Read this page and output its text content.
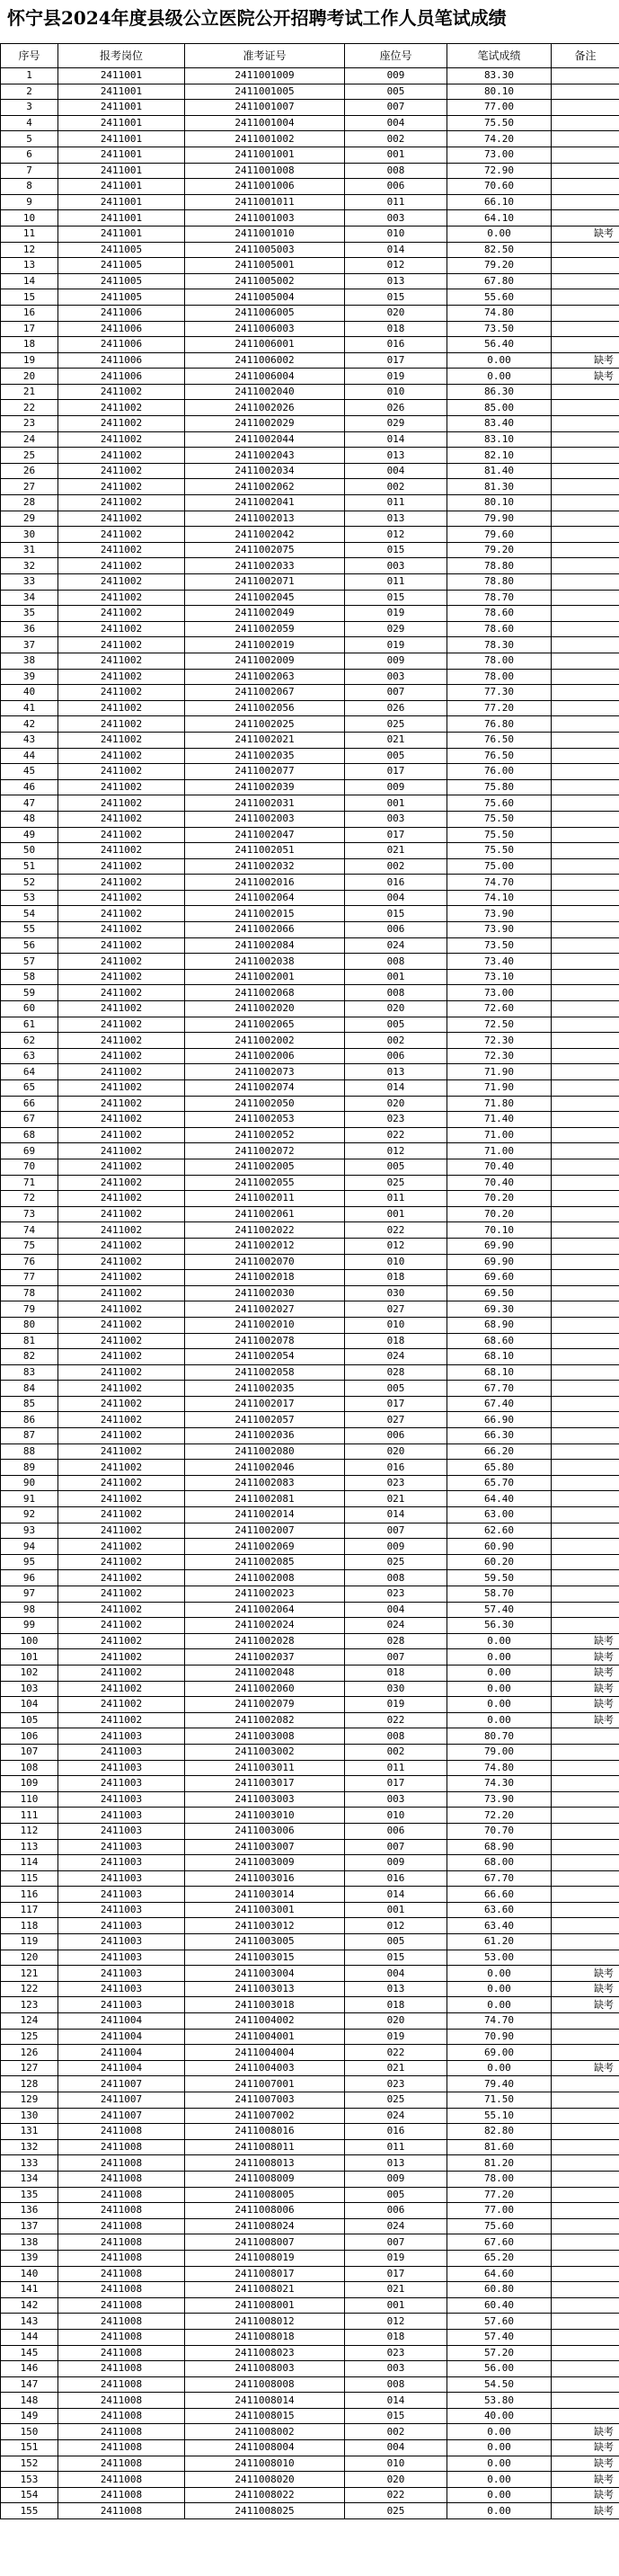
怀宁县2024年度县级公立医院公开招聘考试工作人员笔试成绩
序号	报考岗位	准考证号	座位号	笔试成绩	备注
1	2411001	2411001009	009	83.30	
2	2411001	2411001005	005	80.10	
3	2411001	2411001007	007	77.00	
4	2411001	2411001004	004	75.50	
5	2411001	2411001002	002	74.20	
6	2411001	2411001001	001	73.00	
7	2411001	2411001008	008	72.90	
8	2411001	2411001006	006	70.60	
9	2411001	2411001011	011	66.10	
10	2411001	2411001003	003	64.10	
11	2411001	2411001010	010	0.00	缺考
12	2411005	2411005003	014	82.50	
13	2411005	2411005001	012	79.20	
14	2411005	2411005002	013	67.80	
15	2411005	2411005004	015	55.60	
16	2411006	2411006005	020	74.80	
17	2411006	2411006003	018	73.50	
18	2411006	2411006001	016	56.40	
19	2411006	2411006002	017	0.00	缺考
20	2411006	2411006004	019	0.00	缺考
21	2411002	2411002040	010	86.30	
22	2411002	2411002026	026	85.00	
23	2411002	2411002029	029	83.40	
24	2411002	2411002044	014	83.10	
25	2411002	2411002043	013	82.10	
26	2411002	2411002034	004	81.40	
27	2411002	2411002062	002	81.30	
28	2411002	2411002041	011	80.10	
29	2411002	2411002013	013	79.90	
30	2411002	2411002042	012	79.60	
31	2411002	2411002075	015	79.20	
32	2411002	2411002033	003	78.80	
33	2411002	2411002071	011	78.80	
34	2411002	2411002045	015	78.70	
35	2411002	2411002049	019	78.60	
36	2411002	2411002059	029	78.60	
37	2411002	2411002019	019	78.30	
38	2411002	2411002009	009	78.00	
39	2411002	2411002063	003	78.00	
40	2411002	2411002067	007	77.30	
41	2411002	2411002056	026	77.20	
42	2411002	2411002025	025	76.80	
43	2411002	2411002021	021	76.50	
44	2411002	2411002035	005	76.50	
45	2411002	2411002077	017	76.00	
46	2411002	2411002039	009	75.80	
47	2411002	2411002031	001	75.60	
48	2411002	2411002003	003	75.50	
49	2411002	2411002047	017	75.50	
50	2411002	2411002051	021	75.50	
51	2411002	2411002032	002	75.00	
52	2411002	2411002016	016	74.70	
53	2411002	2411002064	004	74.10	
54	2411002	2411002015	015	73.90	
55	2411002	2411002066	006	73.90	
56	2411002	2411002084	024	73.50	
57	2411002	2411002038	008	73.40	
58	2411002	2411002001	001	73.10	
59	2411002	2411002068	008	73.00	
60	2411002	2411002020	020	72.60	
61	2411002	2411002065	005	72.50	
62	2411002	2411002002	002	72.30	
63	2411002	2411002006	006	72.30	
64	2411002	2411002073	013	71.90	
65	2411002	2411002074	014	71.90	
66	2411002	2411002050	020	71.80	
67	2411002	2411002053	023	71.40	
68	2411002	2411002052	022	71.00	
69	2411002	2411002072	012	71.00	
70	2411002	2411002005	005	70.40	
71	2411002	2411002055	025	70.40	
72	2411002	2411002011	011	70.20	
73	2411002	2411002061	001	70.20	
74	2411002	2411002022	022	70.10	
75	2411002	2411002012	012	69.90	
76	2411002	2411002070	010	69.90	
77	2411002	2411002018	018	69.60	
78	2411002	2411002030	030	69.50	
79	2411002	2411002027	027	69.30	
80	2411002	2411002010	010	68.90	
81	2411002	2411002078	018	68.60	
82	2411002	2411002054	024	68.10	
83	2411002	2411002058	028	68.10	
84	2411002	2411002035	005	67.70	
85	2411002	2411002017	017	67.40	
86	2411002	2411002057	027	66.90	
87	2411002	2411002036	006	66.30	
88	2411002	2411002080	020	66.20	
89	2411002	2411002046	016	65.80	
90	2411002	2411002083	023	65.70	
91	2411002	2411002081	021	64.40	
92	2411002	2411002014	014	63.00	
93	2411002	2411002007	007	62.60	
94	2411002	2411002069	009	60.90	
95	2411002	2411002085	025	60.20	
96	2411002	2411002008	008	59.50	
97	2411002	2411002023	023	58.70	
98	2411002	2411002064	004	57.40	
99	2411002	2411002024	024	56.30	
100	2411002	2411002028	028	0.00	缺考
101	2411002	2411002037	007	0.00	缺考
102	2411002	2411002048	018	0.00	缺考
103	2411002	2411002060	030	0.00	缺考
104	2411002	2411002079	019	0.00	缺考
105	2411002	2411002082	022	0.00	缺考
106	2411003	2411003008	008	80.70	
107	2411003	2411003002	002	79.00	
108	2411003	2411003011	011	74.80	
109	2411003	2411003017	017	74.30	
110	2411003	2411003003	003	73.90	
111	2411003	2411003010	010	72.20	
112	2411003	2411003006	006	70.70	
113	2411003	2411003007	007	68.90	
114	2411003	2411003009	009	68.00	
115	2411003	2411003016	016	67.70	
116	2411003	2411003014	014	66.60	
117	2411003	2411003001	001	63.60	
118	2411003	2411003012	012	63.40	
119	2411003	2411003005	005	61.20	
120	2411003	2411003015	015	53.00	
121	2411003	2411003004	004	0.00	缺考
122	2411003	2411003013	013	0.00	缺考
123	2411003	2411003018	018	0.00	缺考
124	2411004	2411004002	020	74.70	
125	2411004	2411004001	019	70.90	
126	2411004	2411004004	022	69.00	
127	2411004	2411004003	021	0.00	缺考
128	2411007	2411007001	023	79.40	
129	2411007	2411007003	025	71.50	
130	2411007	2411007002	024	55.10	
131	2411008	2411008016	016	82.80	
132	2411008	2411008011	011	81.60	
133	2411008	2411008013	013	81.20	
134	2411008	2411008009	009	78.00	
135	2411008	2411008005	005	77.20	
136	2411008	2411008006	006	77.00	
137	2411008	2411008024	024	75.60	
138	2411008	2411008007	007	67.60	
139	2411008	2411008019	019	65.20	
140	2411008	2411008017	017	64.60	
141	2411008	2411008021	021	60.80	
142	2411008	2411008001	001	60.40	
143	2411008	2411008012	012	57.60	
144	2411008	2411008018	018	57.40	
145	2411008	2411008023	023	57.20	
146	2411008	2411008003	003	56.00	
147	2411008	2411008008	008	54.50	
148	2411008	2411008014	014	53.80	
149	2411008	2411008015	015	40.00	
150	2411008	2411008002	002	0.00	缺考
151	2411008	2411008004	004	0.00	缺考
152	2411008	2411008010	010	0.00	缺考
153	2411008	2411008020	020	0.00	缺考
154	2411008	2411008022	022	0.00	缺考
155	2411008	2411008025	025	0.00	缺考
